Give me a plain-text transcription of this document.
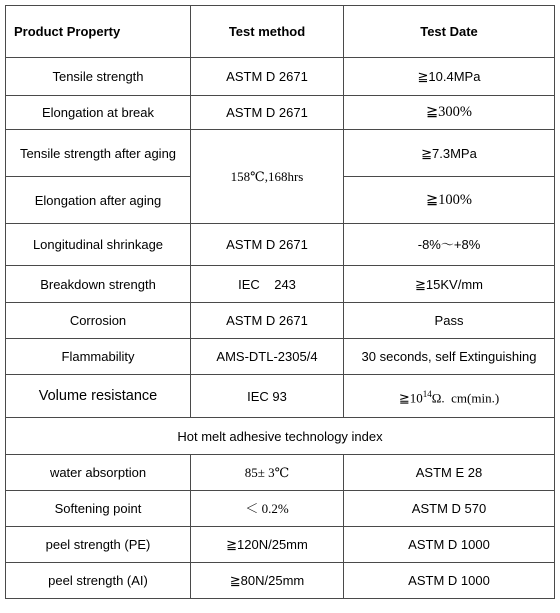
Product Property	Test method	Test Date
Tensile strength	ASTM D 2671	≧10.4MPa
Elongation at break	ASTM D 2671	≧300%
Tensile strength after aging	158℃,168hrs	≧7.3MPa
Elongation after aging		≧100%
Longitudinal shrinkage	ASTM D 2671	-8%～+8%
Breakdown strength	IEC    243	≧15KV/mm
Corrosion	ASTM D 2671	Pass
Flammability	AMS-DTL-2305/4	30 seconds, self Extinguishing
Volume resistance	IEC 93	$≧10^{14}\Omega$.  cm(min.)
Hot melt adhesive technology index		
water absorption	85± 3℃	ASTM E 28
Softening point	＜ 0.2%	ASTM D 570
peel strength (PE)	≧120N/25mm	ASTM D 1000
peel strength (AI)	≧80N/25mm	ASTM D 1000
